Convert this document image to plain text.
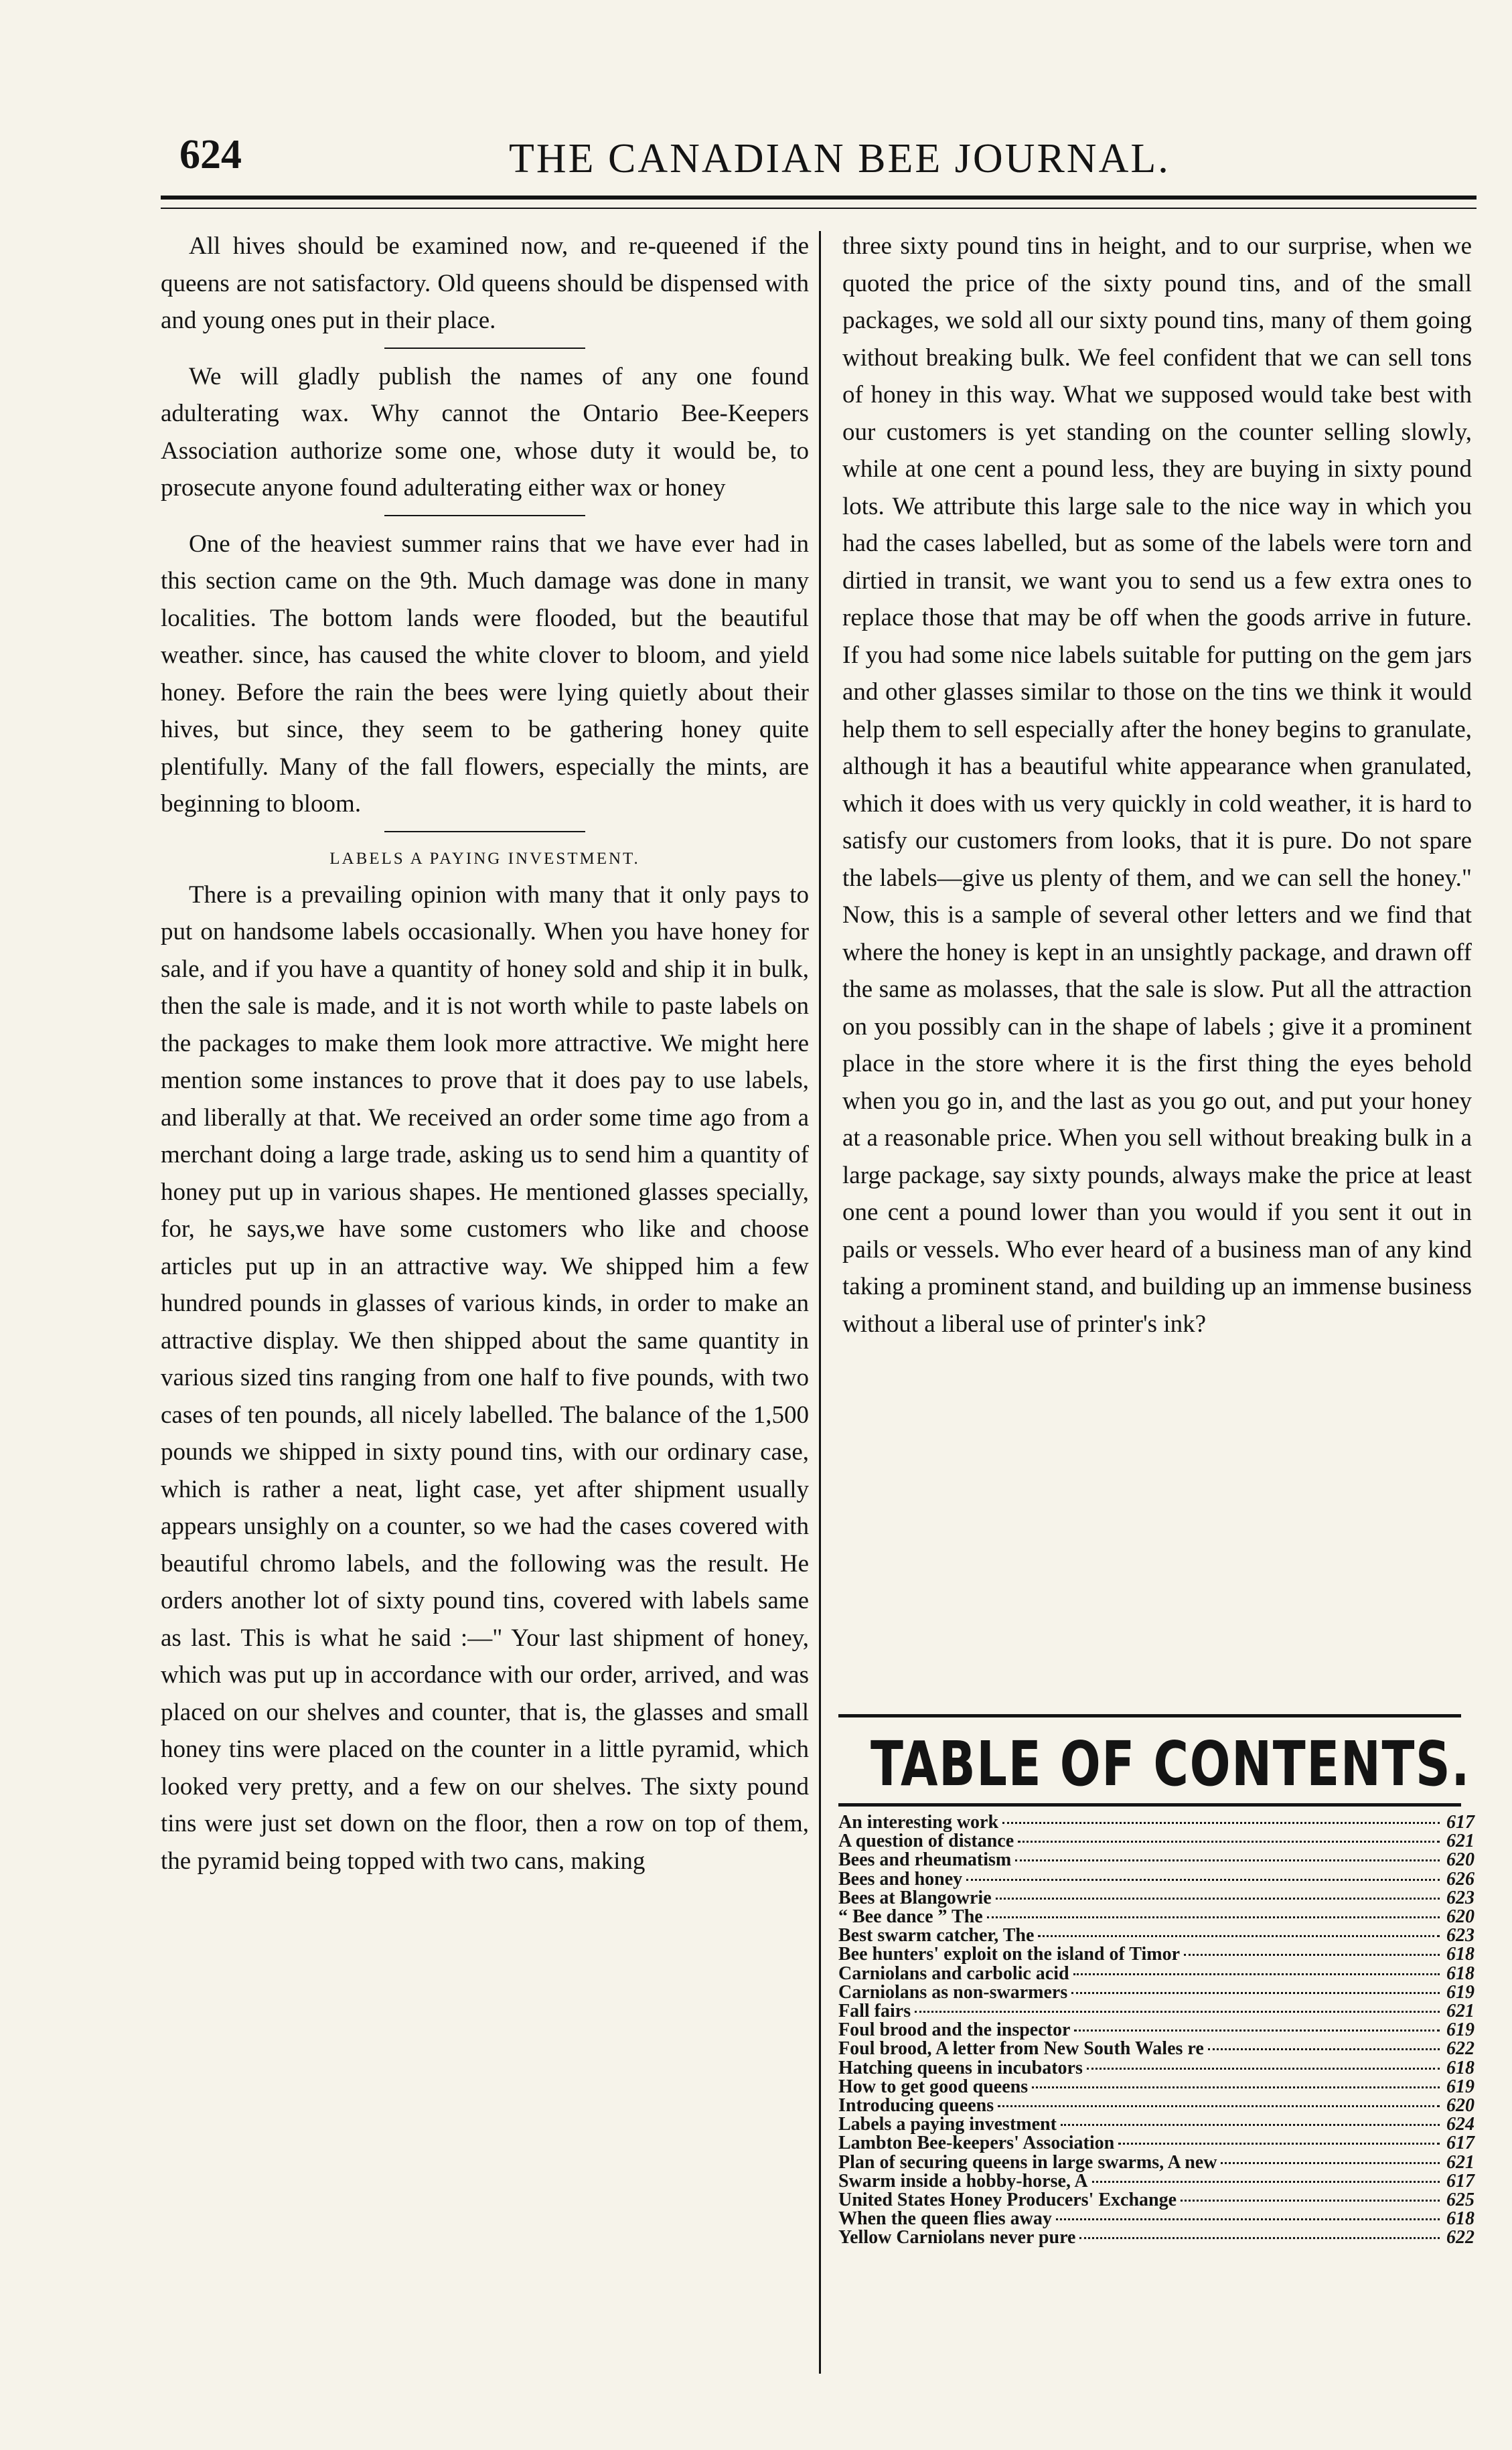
624	THE CANADIAN BEE JOURNAL.

All hives should be examined now, and re-queened if the queens are not satisfactory. Old queens should be dispensed with and young ones put in their place.

We will gladly publish the names of any one found adulterating wax. Why cannot the Ontario Bee-Keepers Association authorize some one, whose duty it would be, to prosecute anyone found adulterating either wax or honey

One of the heaviest summer rains that we have ever had in this section came on the 9th. Much damage was done in many localities. The bottom lands were flooded, but the beautiful weather. since, has caused the white clover to bloom, and yield honey. Before the rain the bees were lying quietly about their hives, but since, they seem to be gathering honey quite plentifully. Many of the fall flowers, especially the mints, are beginning to bloom.

LABELS A PAYING INVESTMENT.

There is a prevailing opinion with many that it only pays to put on handsome labels occasionally. When you have honey for sale, and if you have a quantity of honey sold and ship it in bulk, then the sale is made, and it is not worth while to paste labels on the packages to make them look more attractive. We might here mention some instances to prove that it does pay to use labels, and liberally at that. We received an order some time ago from a merchant doing a large trade, asking us to send him a quantity of honey put up in various shapes. He mentioned glasses specially, for, he says,we have some customers who like and choose articles put up in an attractive way. We shipped him a few hundred pounds in glasses of various kinds, in order to make an attractive display. We then shipped about the same quantity in various sized tins ranging from one half to five pounds, with two cases of ten pounds, all nicely labelled. The balance of the 1,500 pounds we shipped in sixty pound tins, with our ordinary case, which is rather a neat, light case, yet after shipment usually appears unsighly on a counter, so we had the cases covered with beautiful chromo labels, and the following was the result. He orders another lot of sixty pound tins, covered with labels same as last. This is what he said :—" Your last shipment of honey, which was put up in accordance with our order, arrived, and was placed on our shelves and counter, that is, the glasses and small honey tins were placed on the counter in a little pyramid, which looked very pretty, and a few on our shelves. The sixty pound tins were just set down on the floor, then a row on top of them, the pyramid being topped with two cans, making

three sixty pound tins in height, and to our surprise, when we quoted the price of the sixty pound tins, and of the small packages, we sold all our sixty pound tins, many of them going without breaking bulk. We feel confident that we can sell tons of honey in this way. What we supposed would take best with our customers is yet standing on the counter selling slowly, while at one cent a pound less, they are buying in sixty pound lots. We attribute this large sale to the nice way in which you had the cases labelled, but as some of the labels were torn and dirtied in transit, we want you to send us a few extra ones to replace those that may be off when the goods arrive in future. If you had some nice labels suitable for putting on the gem jars and other glasses similar to those on the tins we think it would help them to sell especially after the honey begins to granulate, although it has a beautiful white appearance when granulated, which it does with us very quickly in cold weather, it is hard to satisfy our customers from looks, that it is pure. Do not spare the labels—give us plenty of them, and we can sell the honey." Now, this is a sample of several other letters and we find that where the honey is kept in an unsightly package, and drawn off the same as molasses, that the sale is slow. Put all the attraction on you possibly can in the shape of labels ; give it a prominent place in the store where it is the first thing the eyes behold when you go in, and the last as you go out, and put your honey at a reasonable price. When you sell without breaking bulk in a large package, say sixty pounds, always make the price at least one cent a pound lower than you would if you sent it out in pails or vessels. Who ever heard of a business man of any kind taking a prominent stand, and building up an immense business without a liberal use of printer's ink?

TABLE OF CONTENTS.
An interesting work	617
A question of distance	621
Bees and rheumatism	620
Bees and honey	626
Bees at Blangowrie	623
“ Bee dance ” The	620
Best swarm catcher, The	623
Bee hunters' exploit on the island of Timor	618
Carniolans and carbolic acid	618
Carniolans as non-swarmers	619
Fall fairs	621
Foul brood and the inspector	619
Foul brood, A letter from New South Wales re	622
Hatching queens in incubators	618
How to get good queens	619
Introducing queens	620
Labels a paying investment	624
Lambton Bee-keepers' Association	617
Plan of securing queens in large swarms, A new	621
Swarm inside a hobby-horse, A	617
United States Honey Producers' Exchange	625
When the queen flies away	618
Yellow Carniolans never pure	622
